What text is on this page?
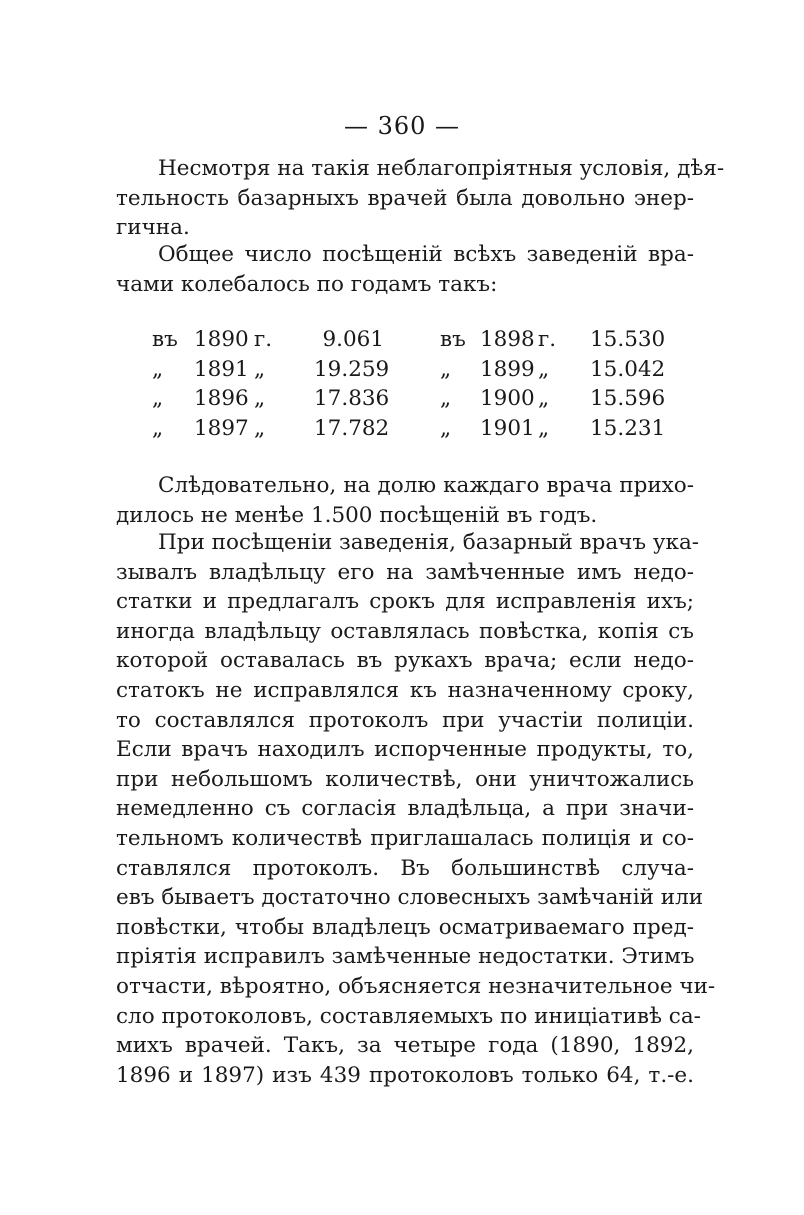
— 360 —
Несмотря на такія неблагопріятныя условія, дѣя-
тельность базарныхъ врачей была довольно энер-
гична.
Общее число посѣщеній всѣхъ заведеній вра-
чами колебалось по годамъ такъ:
въ 1890 г.	9.061	въ 1898 г. 15.530
„ 1891 „ 19.259 „ 1899 „ 15.042
„ 1896 „ 17.836 „ 1900 „ 15.596
„ 1897 „ 17.782 „ 1901 „ 15.231
Слѣдовательно, на долю каждаго врача прихо-
дилось не менѣе 1.500 посѣщеній въ годъ.
При посѣщеніи заведенія, базарный врачъ ука-
зывалъ владѣльцу его на замѣченные имъ недо-
статки и предлагалъ срокъ для исправленія ихъ;
иногда владѣльцу оставлялась повѣстка, копія съ
которой оставалась въ рукахъ врача; если недо-
статокъ не исправлялся къ назначенному сроку,
то составлялся протоколъ при участіи полиціи.
Если врачъ находилъ испорченные продукты, то,
при небольшомъ количествѣ, они уничтожались
немедленно съ согласія владѣльца, а при значи-
тельномъ количествѣ приглашалась полиція и со-
ставлялся протоколъ. Въ большинствѣ случа-
евъ бываетъ достаточно словесныхъ замѣчаній или
повѣстки, чтобы владѣлецъ осматриваемаго пред-
пріятія исправилъ замѣченные недостатки. Этимъ
отчасти, вѣроятно, объясняется незначительное чи-
сло протоколовъ, составляемыхъ по иниціативѣ са-
михъ врачей. Такъ, за четыре года (1890, 1892,
1896 и 1897) изъ 439 протоколовъ только 64, т.-е.
